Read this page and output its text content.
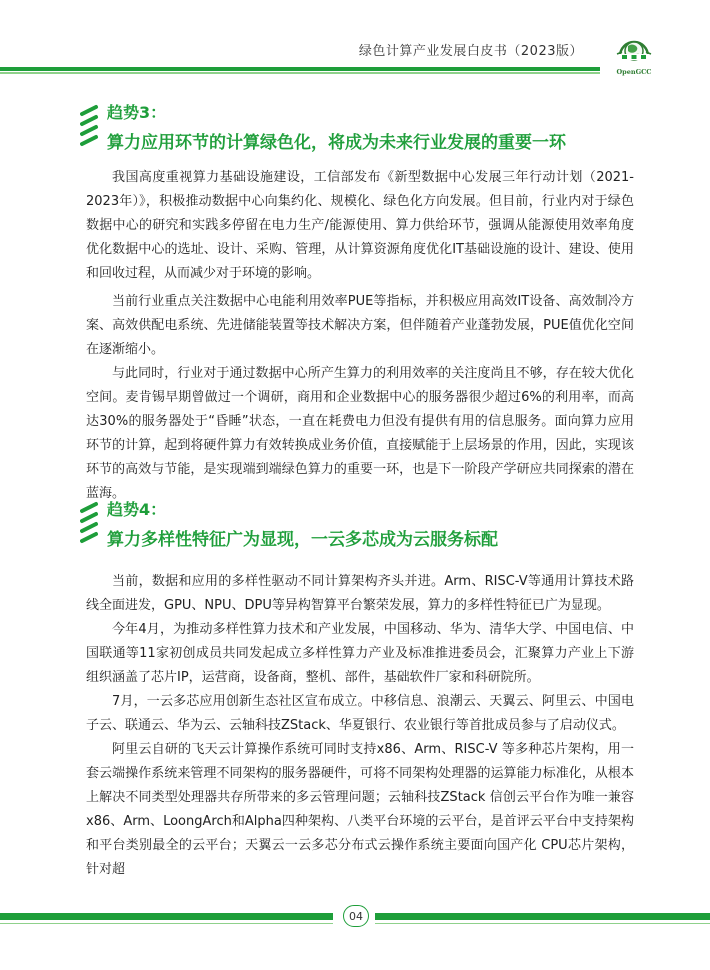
绿色计算产业发展白皮书（2023版）
OpenGCC
趋势3：
算力应用环节的计算绿色化，将成为未来行业发展的重要一环

我国高度重视算力基础设施建设，工信部发布《新型数据中心发展三年行动计划（2021-2023年）》，积极推动数据中心向集约化、规模化、绿色化方向发展。但目前，行业内对于绿色数据中心的研究和实践多停留在电力生产/能源使用、算力供给环节，强调从能源使用效率角度优化数据中心的选址、设计、采购、管理，从计算资源角度优化IT基础设施的设计、建设、使用和回收过程，从而减少对于环境的影响。

当前行业重点关注数据中心电能利用效率PUE等指标，并积极应用高效IT设备、高效制冷方案、高效供配电系统、先进储能装置等技术解决方案，但伴随着产业蓬勃发展，PUE值优化空间在逐渐缩小。

与此同时，行业对于通过数据中心所产生算力的利用效率的关注度尚且不够，存在较大优化空间。麦肯锡早期曾做过一个调研，商用和企业数据中心的服务器很少超过6%的利用率，而高达30%的服务器处于“昏睡”状态，一直在耗费电力但没有提供有用的信息服务。面向算力应用环节的计算，起到将硬件算力有效转换成业务价值，直接赋能于上层场景的作用，因此，实现该环节的高效与节能，是实现端到端绿色算力的重要一环，也是下一阶段产学研应共同探索的潜在蓝海。

趋势4：
算力多样性特征广为显现，一云多芯成为云服务标配

当前，数据和应用的多样性驱动不同计算架构齐头并进。Arm、RISC-V等通用计算技术路线全面进发，GPU、NPU、DPU等异构智算平台繁荣发展，算力的多样性特征已广为显现。

今年4月，为推动多样性算力技术和产业发展，中国移动、华为、清华大学、中国电信、中国联通等11家初创成员共同发起成立多样性算力产业及标准推进委员会，汇聚算力产业上下游组织涵盖了芯片IP，运营商，设备商，整机、部件，基础软件厂家和科研院所。

7月，一云多芯应用创新生态社区宣布成立。中移信息、浪潮云、天翼云、阿里云、中国电子云、联通云、华为云、云轴科技ZStack、华夏银行、农业银行等首批成员参与了启动仪式。

阿里云自研的飞天云计算操作系统可同时支持x86、Arm、RISC-V 等多种芯片架构，用一套云端操作系统来管理不同架构的服务器硬件，可将不同架构处理器的运算能力标准化，从根本上解决不同类型处理器共存所带来的多云管理问题；云轴科技ZStack 信创云平台作为唯一兼容x86、Arm、LoongArch和Alpha四种架构、八类平台环境的云平台，是首评云平台中支持架构和平台类别最全的云平台；天翼云一云多芯分布式云操作系统主要面向国产化 CPU芯片架构，针对超

04
